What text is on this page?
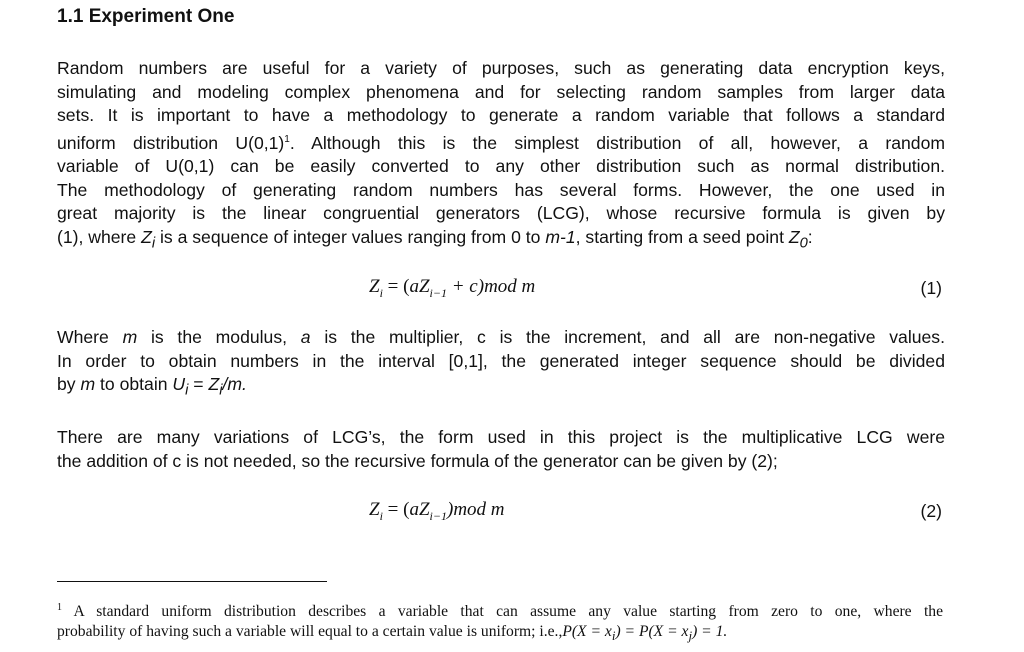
1.1 Experiment One

Random numbers are useful for a variety of purposes, such as generating data encryption keys,
simulating and modeling complex phenomena and for selecting random samples from larger data
sets. It is important to have a methodology to generate a random variable that follows a standard
uniform distribution $U(0,1)^1$. Although this is the simplest distribution of all, however, a random
variable of U(0,1) can be easily converted to any other distribution such as normal distribution.
The methodology of generating random numbers has several forms. However, the one used in
great majority is the linear congruential generators (LCG), whose recursive formula is given by
(1), where $Z_i$ is a sequence of integer values ranging from 0 to m-1, starting from a seed point $Z_0$:

$Z_i = (aZ_{i-1} + c)mod$ m	(1)

Where m is the modulus, a is the multiplier, c is the increment, and all are non-negative values.
In order to obtain numbers in the interval [0,1], the generated integer sequence should be divided
by m to obtain $U_i = Z_i/m$.

There are many variations of LCG’s, the form used in this project is the multiplicative LCG were
the addition of c is not needed, so the recursive formula of the generator can be given by (2);

$Z_i = (aZ_{i-1})mod$ m	(2)

$^1$ A standard uniform distribution describes a variable that can assume any value starting from zero to one, where the
probability of having such a variable will equal to a certain value is uniform; $i.e.,P(X = x_i) = P(X = x_j) = 1$.
